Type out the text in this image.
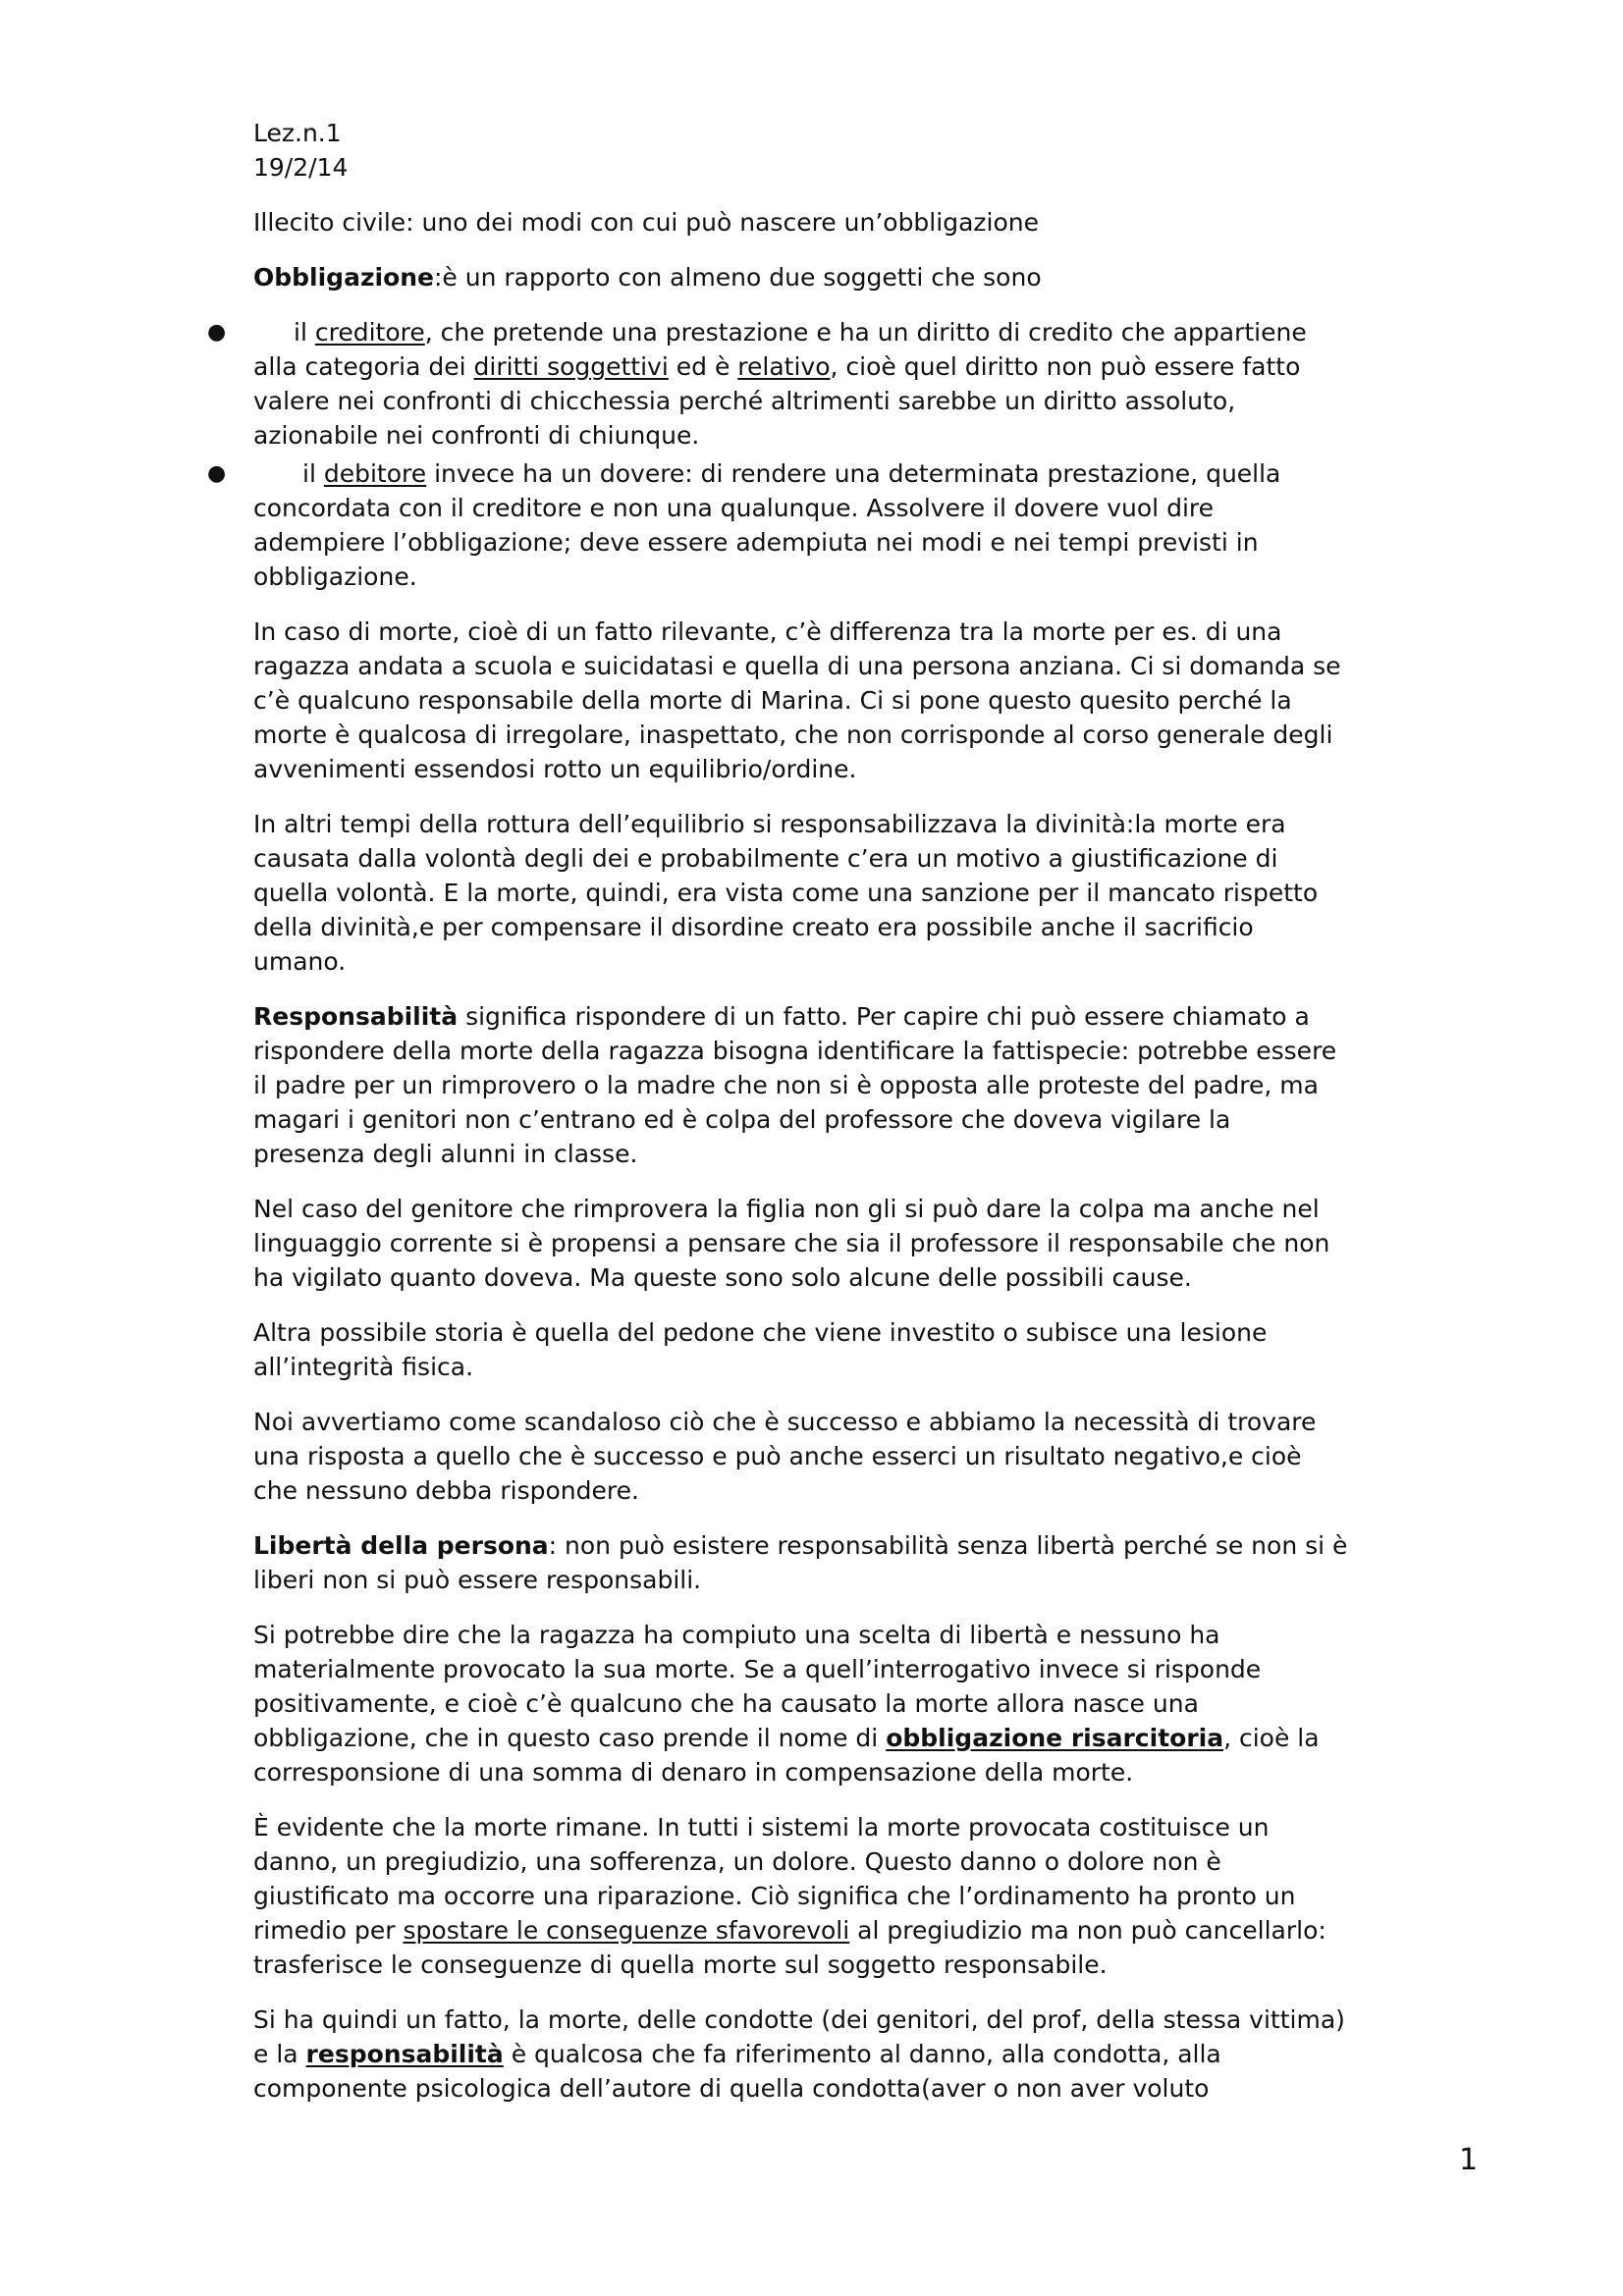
Lez.n.1
19/2/14
Illecito civile: uno dei modi con cui può nascere un’obbligazione
Obbligazione:è un rapporto con almeno due soggetti che sono
●	il creditore, che pretende una prestazione e ha un diritto di credito che appartiene
alla categoria dei diritti soggettivi ed è relativo, cioè quel diritto non può essere fatto
valere nei confronti di chicchessia perché altrimenti sarebbe un diritto assoluto,
azionabile nei confronti di chiunque.
●	il debitore invece ha un dovere: di rendere una determinata prestazione, quella
concordata con il creditore e non una qualunque. Assolvere il dovere vuol dire
adempiere l’obbligazione; deve essere adempiuta nei modi e nei tempi previsti in
obbligazione.
In caso di morte, cioè di un fatto rilevante, c’è differenza tra la morte per es. di una
ragazza andata a scuola e suicidatasi e quella di una persona anziana. Ci si domanda se
c’è qualcuno responsabile della morte di Marina. Ci si pone questo quesito perché la
morte è qualcosa di irregolare, inaspettato, che non corrisponde al corso generale degli
avvenimenti essendosi rotto un equilibrio/ordine.
In altri tempi della rottura dell’equilibrio si responsabilizzava la divinità:la morte era
causata dalla volontà degli dei e probabilmente c’era un motivo a giustificazione di
quella volontà. E la morte, quindi, era vista come una sanzione per il mancato rispetto
della divinità,e per compensare il disordine creato era possibile anche il sacrificio
umano.
Responsabilità significa rispondere di un fatto. Per capire chi può essere chiamato a
rispondere della morte della ragazza bisogna identificare la fattispecie: potrebbe essere
il padre per un rimprovero o la madre che non si è opposta alle proteste del padre, ma
magari i genitori non c’entrano ed è colpa del professore che doveva vigilare la
presenza degli alunni in classe.
Nel caso del genitore che rimprovera la figlia non gli si può dare la colpa ma anche nel
linguaggio corrente si è propensi a pensare che sia il professore il responsabile che non
ha vigilato quanto doveva. Ma queste sono solo alcune delle possibili cause.
Altra possibile storia è quella del pedone che viene investito o subisce una lesione
all’integrità fisica.
Noi avvertiamo come scandaloso ciò che è successo e abbiamo la necessità di trovare
una risposta a quello che è successo e può anche esserci un risultato negativo,e cioè
che nessuno debba rispondere.
Libertà della persona: non può esistere responsabilità senza libertà perché se non si è
liberi non si può essere responsabili.
Si potrebbe dire che la ragazza ha compiuto una scelta di libertà e nessuno ha
materialmente provocato la sua morte. Se a quell’interrogativo invece si risponde
positivamente, e cioè c’è qualcuno che ha causato la morte allora nasce una
obbligazione, che in questo caso prende il nome di obbligazione risarcitoria, cioè la
corresponsione di una somma di denaro in compensazione della morte.
È evidente che la morte rimane. In tutti i sistemi la morte provocata costituisce un
danno, un pregiudizio, una sofferenza, un dolore. Questo danno o dolore non è
giustificato ma occorre una riparazione. Ciò significa che l’ordinamento ha pronto un
rimedio per spostare le conseguenze sfavorevoli al pregiudizio ma non può cancellarlo:
trasferisce le conseguenze di quella morte sul soggetto responsabile.
Si ha quindi un fatto, la morte, delle condotte (dei genitori, del prof, della stessa vittima)
e la responsabilità è qualcosa che fa riferimento al danno, alla condotta, alla
componente psicologica dell’autore di quella condotta(aver o non aver voluto
1
